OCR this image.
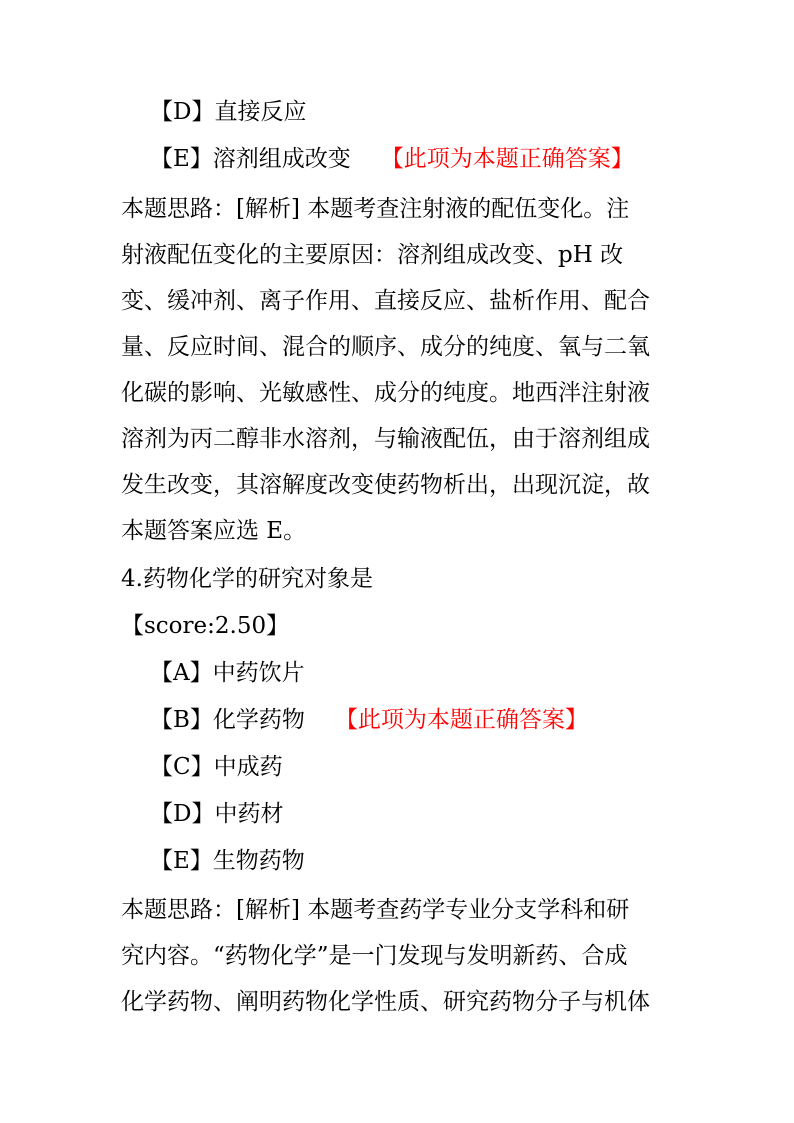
【D】直接反应
【E】溶剂组成改变 【此项为本题正确答案】
本题思路：[解析] 本题考查注射液的配伍变化。注
射液配伍变化的主要原因：溶剂组成改变、pH 改
变、缓冲剂、离子作用、直接反应、盐析作用、配合
量、反应时间、混合的顺序、成分的纯度、氧与二氧
化碳的影响、光敏感性、成分的纯度。地西泮注射液
溶剂为丙二醇非水溶剂，与输液配伍，由于溶剂组成
发生改变，其溶解度改变使药物析出，出现沉淀，故
本题答案应选 E。
4.药物化学的研究对象是
【score:2.50】
【A】中药饮片
【B】化学药物 【此项为本题正确答案】
【C】中成药
【D】中药材
【E】生物药物
本题思路：[解析] 本题考查药学专业分支学科和研
究内容。“药物化学”是一门发现与发明新药、合成
化学药物、阐明药物化学性质、研究药物分子与机体
